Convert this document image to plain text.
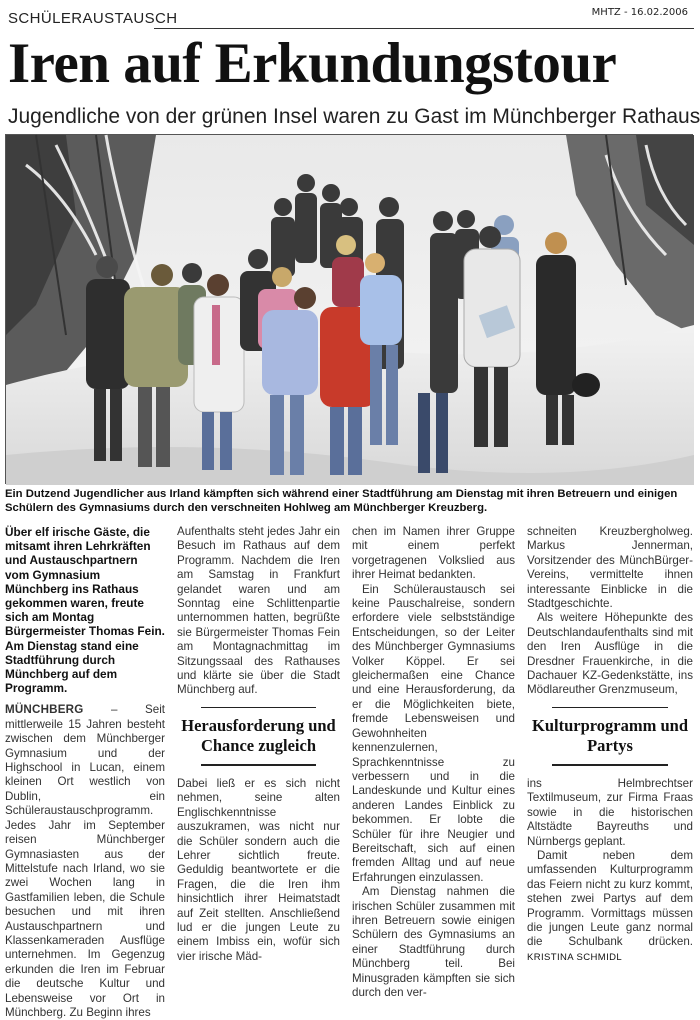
SCHÜLERAUSTAUSCH	MHTZ - 16.02.2006
Iren auf Erkundungstour
Jugendliche von der grünen Insel waren zu Gast im Münchberger Rathaus
Ein Dutzend Jugendlicher aus Irland kämpften sich während einer Stadtführung am Dienstag mit ihren Betreuern und einigen Schülern des Gymnasiums durch den verschneiten Hohlweg am Münchberger Kreuzberg.

Über elf irische Gäste, die mitsamt ihren Lehrkräften und Austauschpartnern vom Gymnasium Münchberg ins Rathaus gekommen waren, freute sich am Montag Bürgermeister Thomas Fein. Am Dienstag stand eine Stadtführung durch Münchberg auf dem Programm.

MÜNCHBERG – Seit mittlerweile 15 Jahren besteht zwischen dem Münchberger Gymnasium und der Highschool in Lucan, einem kleinen Ort westlich von Dublin, ein Schüleraustauschprogramm. Jedes Jahr im September reisen Münchberger Gymnasiasten aus der Mittelstufe nach Irland, wo sie zwei Wochen lang in Gastfamilien leben, die Schule besuchen und mit ihren Austauschpartnern und Klassenkameraden Ausflüge unternehmen. Im Gegenzug erkunden die Iren im Februar die deutsche Kultur und Lebensweise vor Ort in Münchberg. Zu Beginn ihres

Aufenthalts steht jedes Jahr ein Besuch im Rathaus auf dem Programm. Nachdem die Iren am Samstag in Frankfurt gelandet waren und am Sonntag eine Schlittenpartie unternommen hatten, begrüßte sie Bürgermeister Thomas Fein am Montagnachmittag im Sitzungssaal des Rathauses und klärte sie über die Stadt Münchberg auf.

Herausforderung und Chance zugleich

Dabei ließ er es sich nicht nehmen, seine alten Englischkenntnisse auszukramen, was nicht nur die Schüler sondern auch die Lehrer sichtlich freute. Geduldig beantwortete er die Fragen, die die Iren ihm hinsichtlich ihrer Heimatstadt auf Zeit stellten. Anschließend lud er die jungen Leute zu einem Imbiss ein, wofür sich vier irische Mäd-

chen im Namen ihrer Gruppe mit einem perfekt vorgetragenen Volkslied aus ihrer Heimat bedankten.

Ein Schüleraustausch sei keine Pauschalreise, sondern erfordere viele selbstständige Entscheidungen, so der Leiter des Münchberger Gymnasiums Volker Köppel. Er sei gleichermaßen eine Chance und eine Herausforderung, da er die Möglichkeiten biete, fremde Lebensweisen und Gewohnheiten kennenzulernen, Sprachkenntnisse zu verbessern und in die Landeskunde und Kultur eines anderen Landes Einblick zu bekommen. Er lobte die Schüler für ihre Neugier und Bereitschaft, sich auf einen fremden Alltag und auf neue Erfahrungen einzulassen.

Am Dienstag nahmen die irischen Schüler zusammen mit ihren Betreuern sowie einigen Schülern des Gymnasiums an einer Stadtführung durch Münchberg teil. Bei Minusgraden kämpften sie sich durch den ver-

schneiten Kreuzbergholweg. Markus Jennerman, Vorsitzender des MünchBürger-Vereins, vermittelte ihnen interessante Einblicke in die Stadtgeschichte.

Als weitere Höhepunkte des Deutschlandaufenthalts sind mit den Iren Ausflüge in die Dresdner Frauenkirche, in die Dachauer KZ-Gedenkstätte, ins Mödlareuther Grenzmuseum,

Kulturprogramm und Partys

ins Helmbrechtser Textilmuseum, zur Firma Fraas sowie in die historischen Altstädte Bayreuths und Nürnbergs geplant.

Damit neben dem umfassenden Kulturprogramm das Feiern nicht zu kurz kommt, stehen zwei Partys auf dem Programm. Vormittags müssen die jungen Leute ganz normal die Schulbank drücken. KRISTINA SCHMIDL
